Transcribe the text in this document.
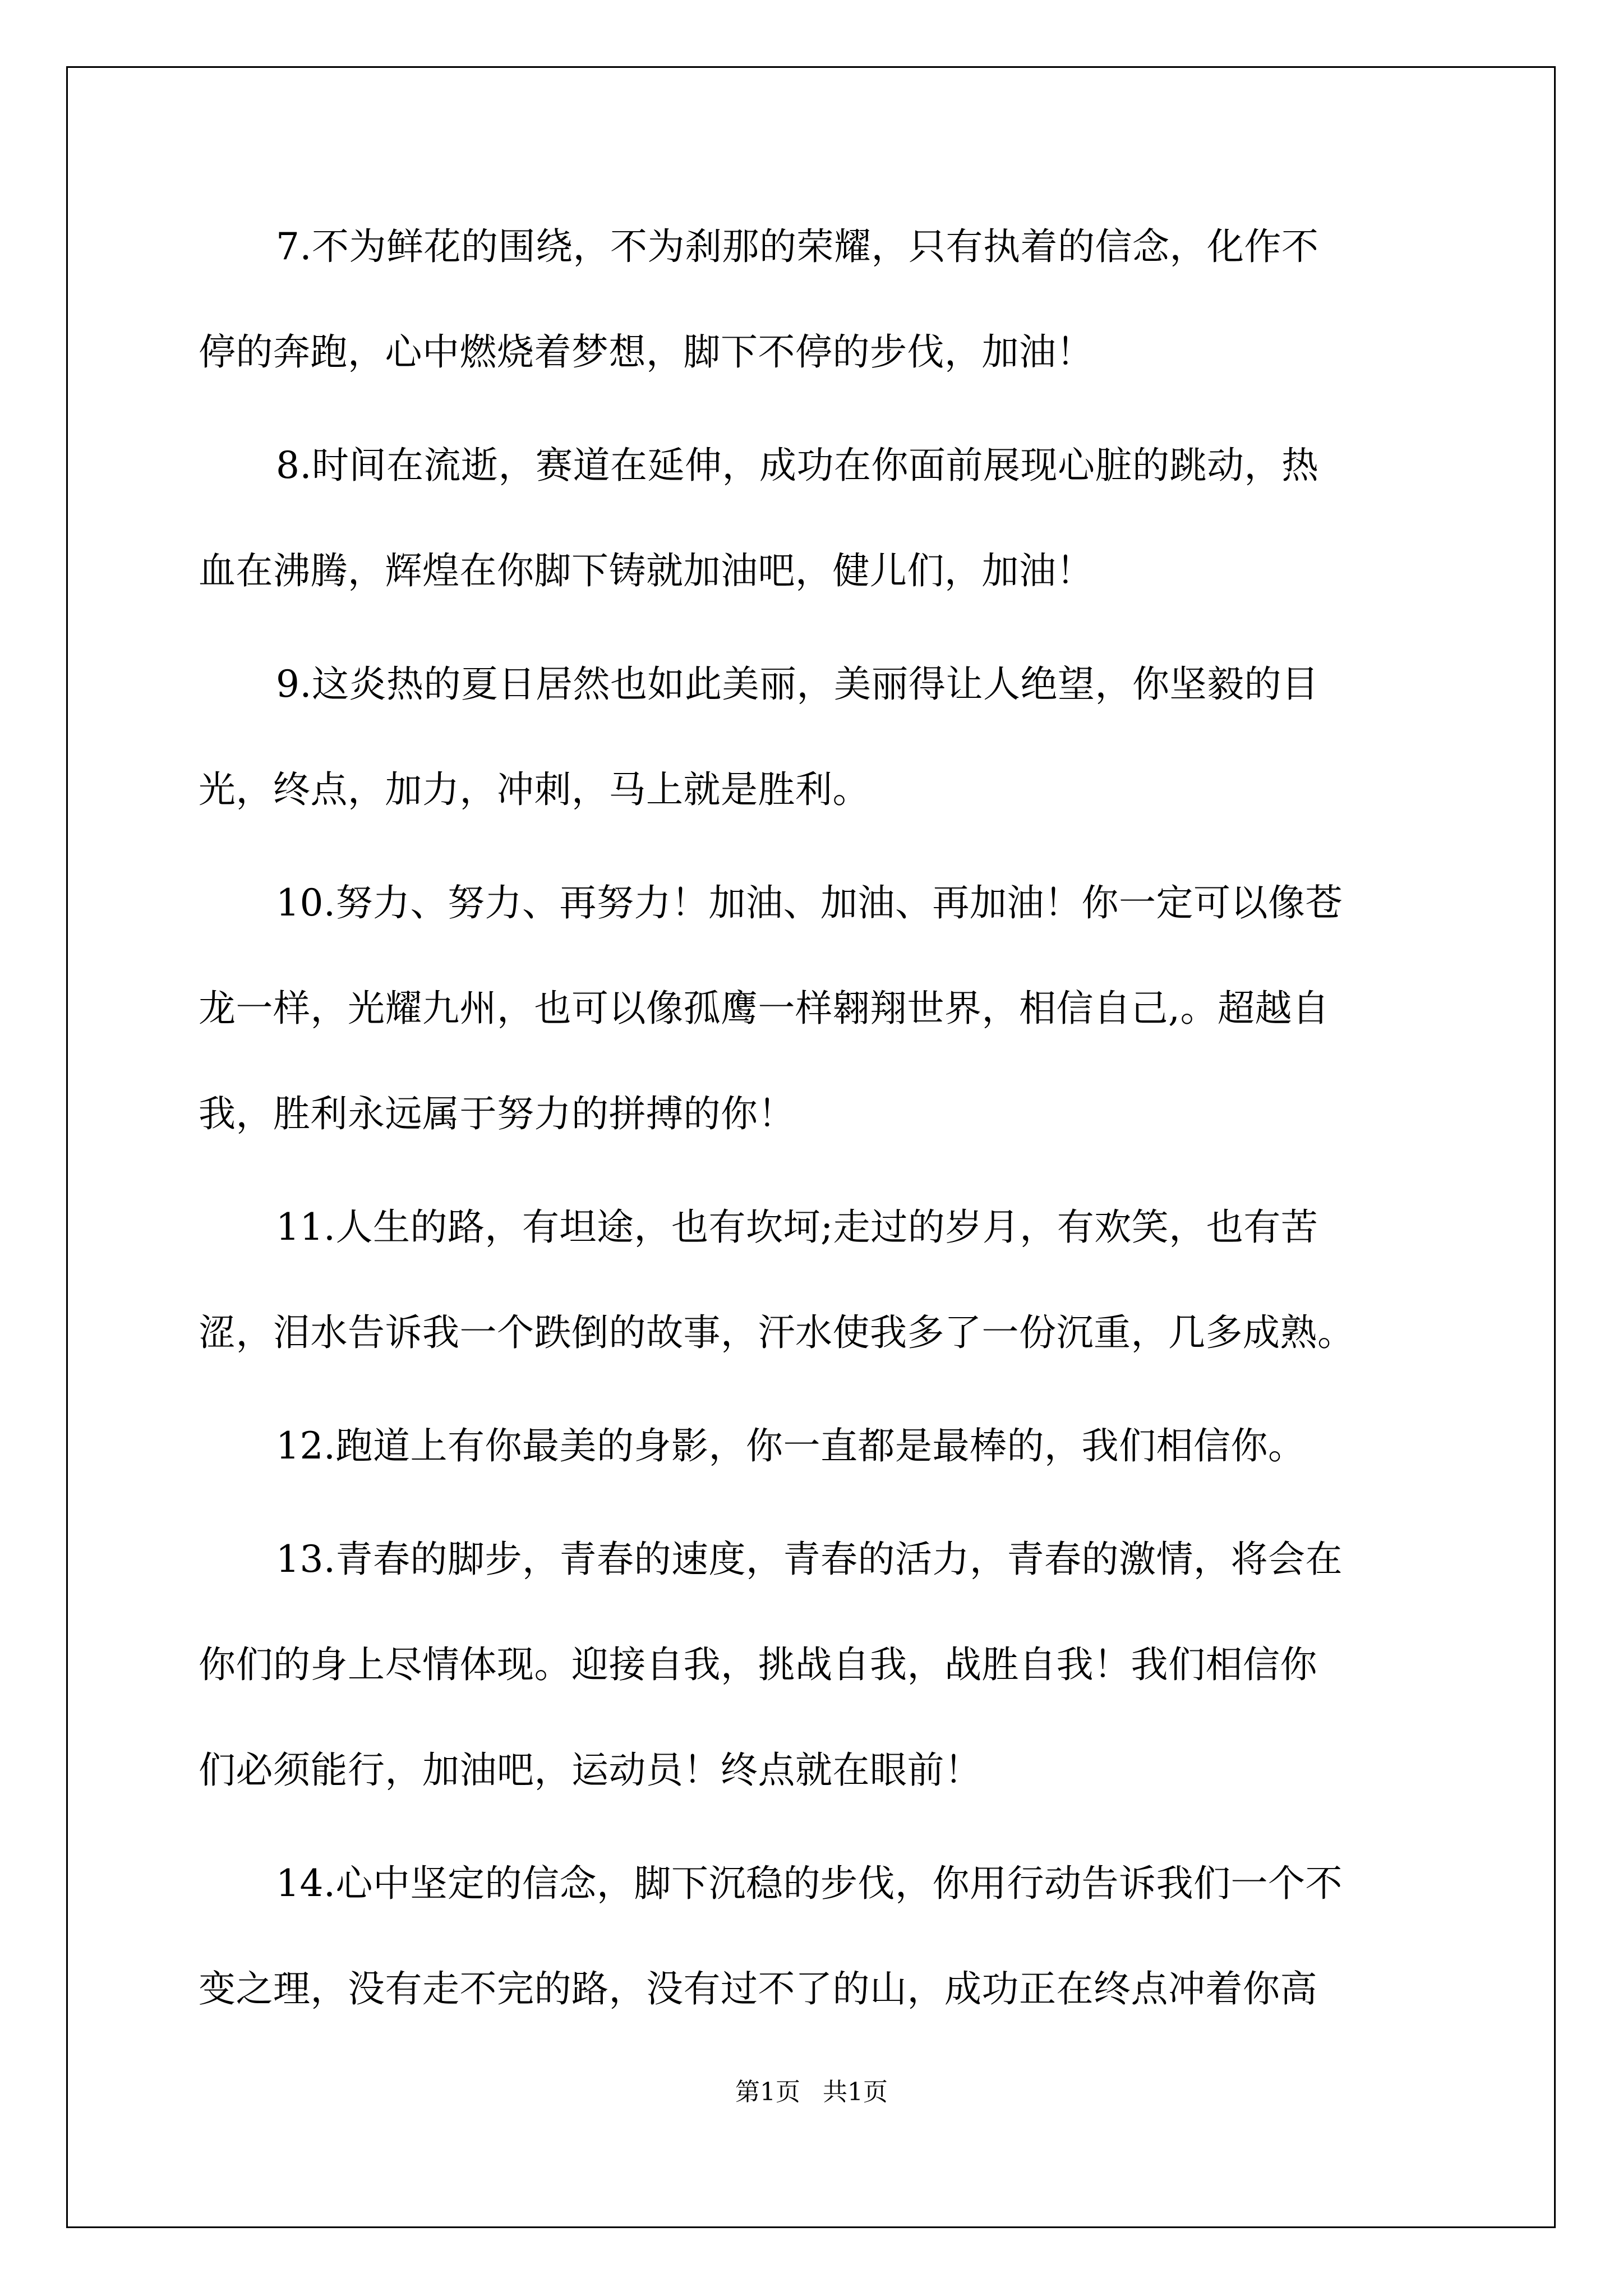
7.不为鲜花的围绕，不为刹那的荣耀，只有执着的信念，化作不
停的奔跑，心中燃烧着梦想，脚下不停的步伐，加油！
8.时间在流逝，赛道在延伸，成功在你面前展现心脏的跳动，热
血在沸腾，辉煌在你脚下铸就加油吧，健儿们，加油！
9.这炎热的夏日居然也如此美丽，美丽得让人绝望，你坚毅的目
光，终点，加力，冲刺，马上就是胜利。
10.努力、努力、再努力！加油、加油、再加油！你一定可以像苍
龙一样，光耀九州，也可以像孤鹰一样翱翔世界，相信自己,。超越自
我，胜利永远属于努力的拼搏的你！
11.人生的路，有坦途，也有坎坷;走过的岁月，有欢笑，也有苦
涩，泪水告诉我一个跌倒的故事，汗水使我多了一份沉重，几多成熟。
12.跑道上有你最美的身影，你一直都是最棒的，我们相信你。
13.青春的脚步，青春的速度，青春的活力，青春的激情，将会在
你们的身上尽情体现。迎接自我，挑战自我，战胜自我！我们相信你
们必须能行，加油吧，运动员！终点就在眼前！
14.心中坚定的信念，脚下沉稳的步伐，你用行动告诉我们一个不
变之理，没有走不完的路，没有过不了的山，成功正在终点冲着你高
第1页 共1页
